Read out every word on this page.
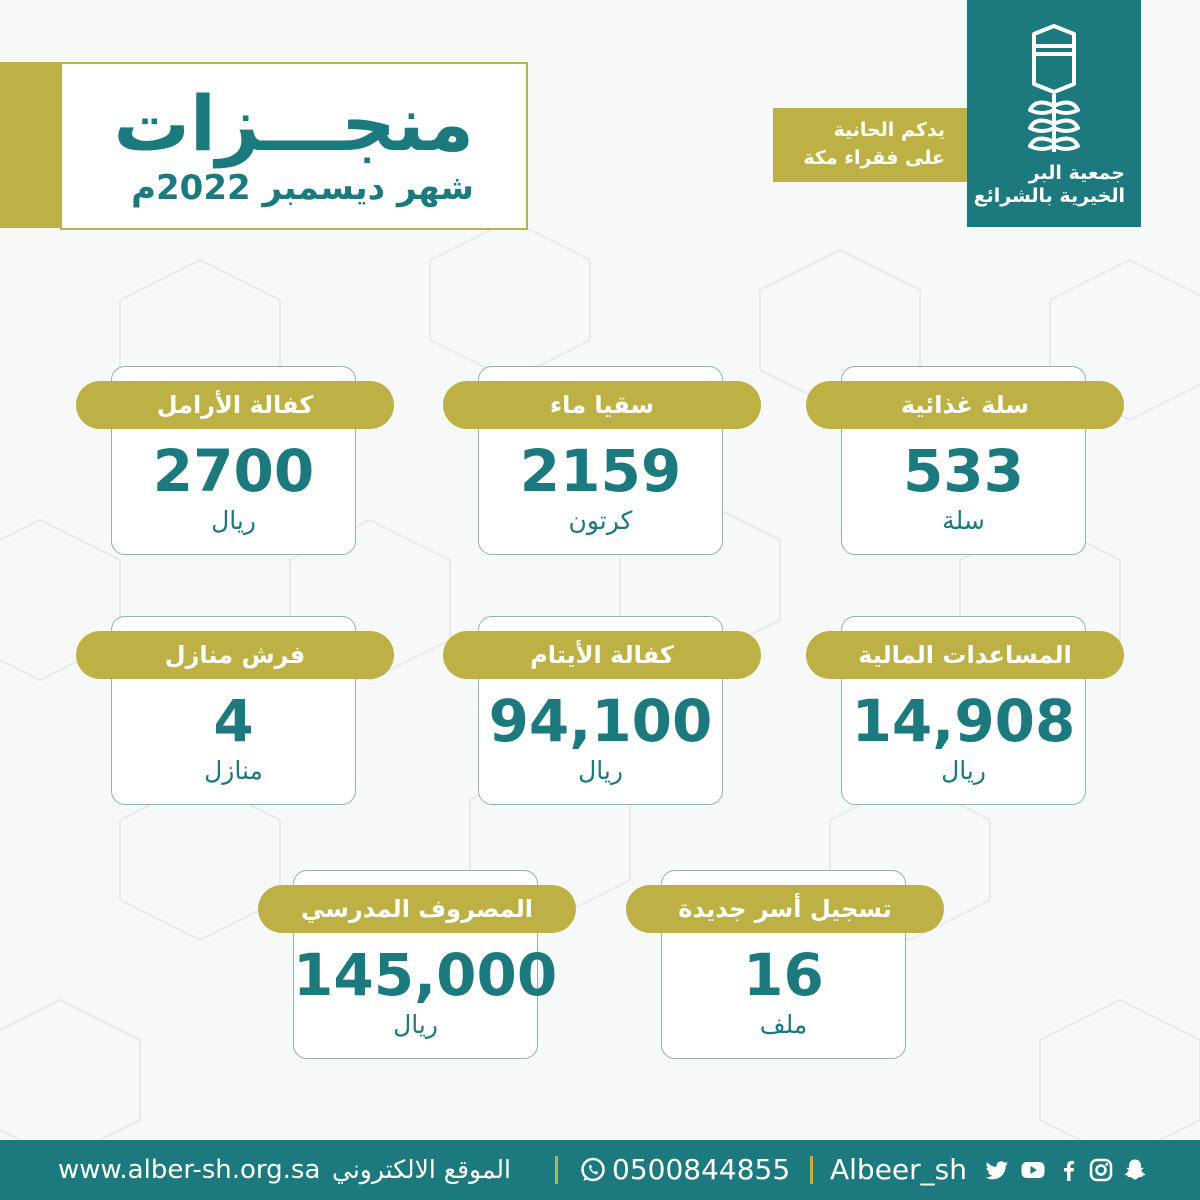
منجـــزات
شهر ديسمبر 2022م
يدكم الحانية
على فقراء مكة
جمعية البر
الخيرية بالشرائع
سلة غذائية
533
سلة
سقيا ماء
2159
كرتون
كفالة الأرامل
2700
ريال
المساعدات المالية
14,908
ريال
كفالة الأيتام
94,100
ريال
فرش منازل
4
منازل
تسجيل أسر جديدة
16
ملف
المصروف المدرسي
145,000
ريال
www.alber-sh.org.sa الموقع الالكتروني	0500844855 Albeer_sh
